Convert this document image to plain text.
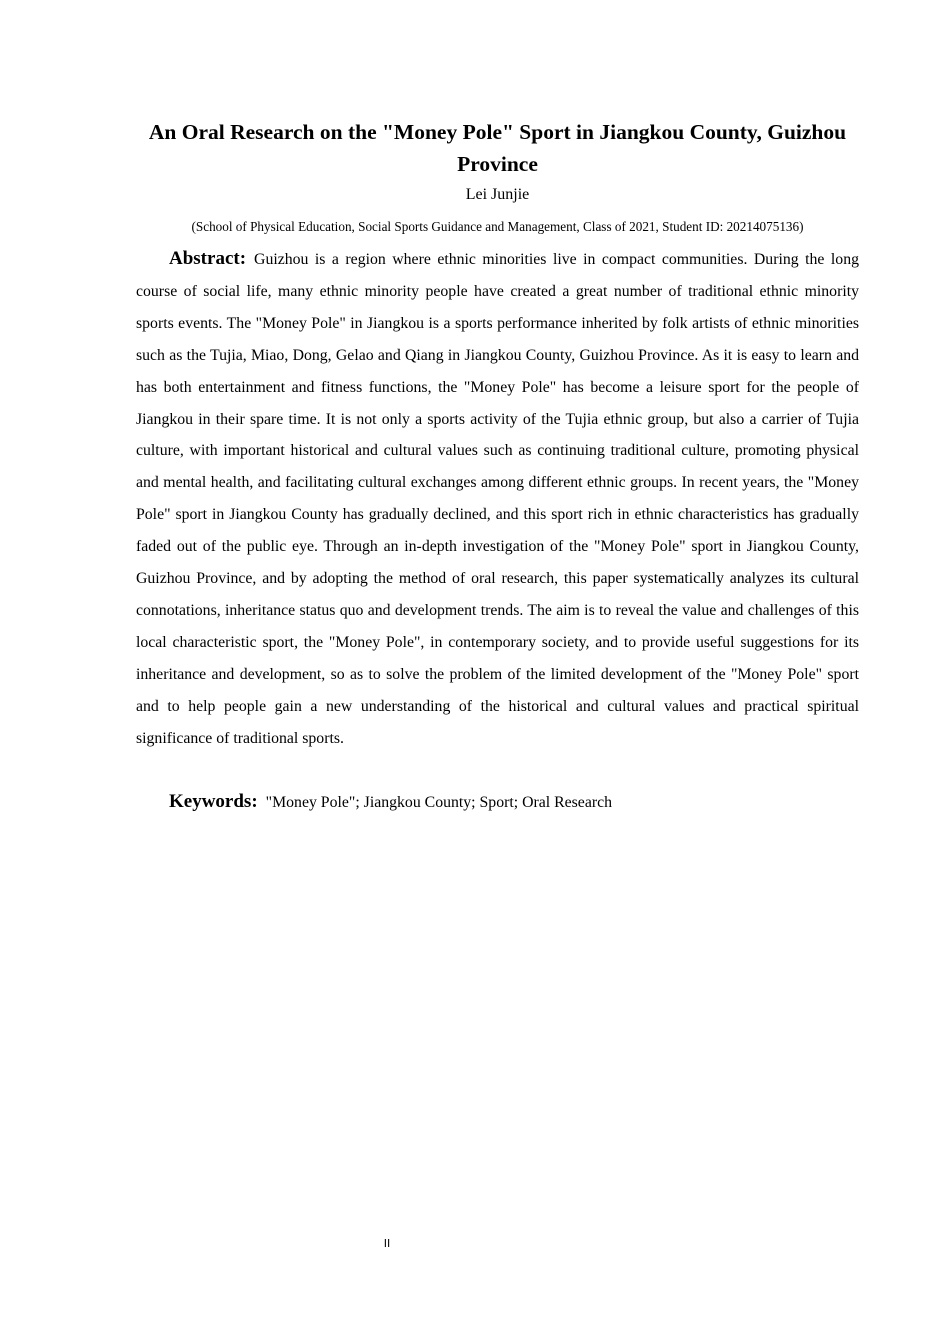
An Oral Research on the "Money Pole" Sport in Jiangkou County, Guizhou Province
Lei Junjie
(School of Physical Education, Social Sports Guidance and Management, Class of 2021, Student ID: 20214075136)

Abstract: Guizhou is a region where ethnic minorities live in compact communities. During the long course of social life, many ethnic minority people have created a great number of traditional ethnic minority sports events. The "Money Pole" in Jiangkou is a sports performance inherited by folk artists of ethnic minorities such as the Tujia, Miao, Dong, Gelao and Qiang in Jiangkou County, Guizhou Province. As it is easy to learn and has both entertainment and fitness functions, the "Money Pole" has become a leisure sport for the people of Jiangkou in their spare time. It is not only a sports activity of the Tujia ethnic group, but also a carrier of Tujia culture, with important historical and cultural values such as continuing traditional culture, promoting physical and mental health, and facilitating cultural exchanges among different ethnic groups. In recent years, the "Money Pole" sport in Jiangkou County has gradually declined, and this sport rich in ethnic characteristics has gradually faded out of the public eye. Through an in-depth investigation of the "Money Pole" sport in Jiangkou County, Guizhou Province, and by adopting the method of oral research, this paper systematically analyzes its cultural connotations, inheritance status quo and development trends. The aim is to reveal the value and challenges of this local characteristic sport, the "Money Pole", in contemporary society, and to provide useful suggestions for its inheritance and development, so as to solve the problem of the limited development of the "Money Pole" sport and to help people gain a new understanding of the historical and cultural values and practical spiritual significance of traditional sports.

Keywords: "Money Pole"; Jiangkou County; Sport; Oral Research

II
